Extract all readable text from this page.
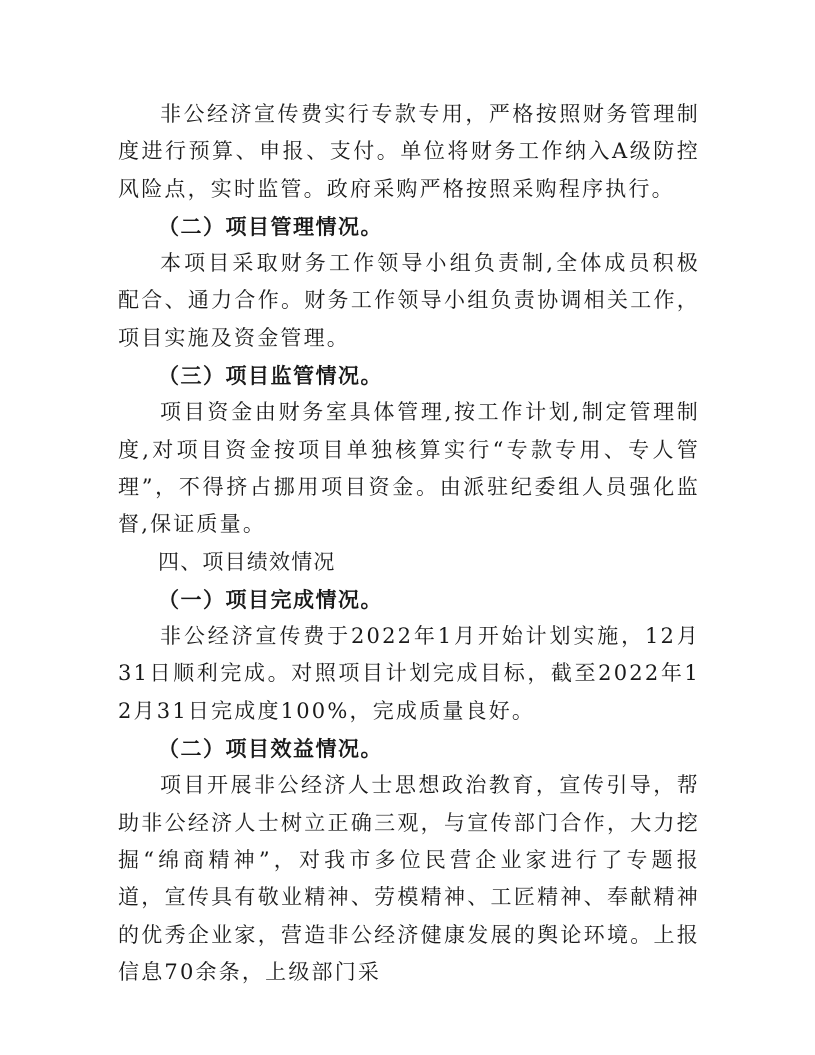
非公经济宣传费实行专款专用，严格按照财务管理制度进行预算、申报、支付。单位将财务工作纳入A级防控风险点，实时监管。政府采购严格按照采购程序执行。

（二）项目管理情况。

本项目采取财务工作领导小组负责制,全体成员积极配合、通力合作。财务工作领导小组负责协调相关工作，项目实施及资金管理。

（三）项目监管情况。

项目资金由财务室具体管理,按工作计划,制定管理制度,对项目资金按项目单独核算实行“专款专用、专人管理”，不得挤占挪用项目资金。由派驻纪委组人员强化监督,保证质量。

四、项目绩效情况

（一）项目完成情况。

非公经济宣传费于2022年1月开始计划实施，12月31日顺利完成。对照项目计划完成目标，截至2022年12月31日完成度100%，完成质量良好。

（二）项目效益情况。

项目开展非公经济人士思想政治教育，宣传引导，帮助非公经济人士树立正确三观，与宣传部门合作，大力挖掘“绵商精神”，对我市多位民营企业家进行了专题报道，宣传具有敬业精神、劳模精神、工匠精神、奉献精神的优秀企业家，营造非公经济健康发展的舆论环境。上报信息70余条，上级部门采
